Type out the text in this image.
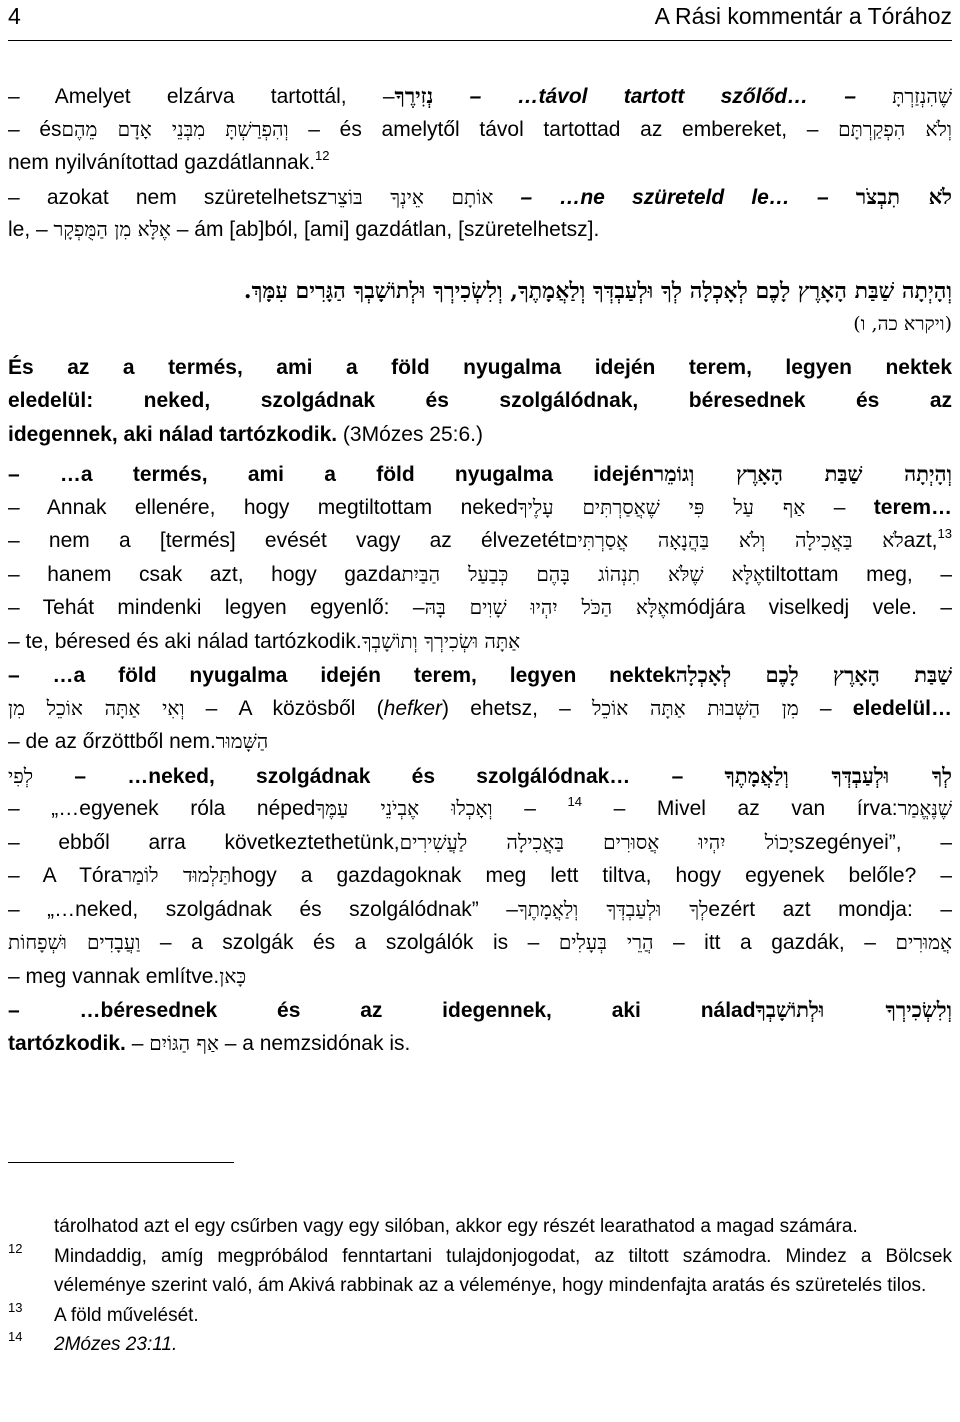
4	A Rási kommentár a Tórához
– Amelyet elzárva tartottál, –נְזִירֶךָ – …távol tartott szőlőd… – שֶׁהִנְזַרְתָּ
– ésוְהִפְרַשְׁתָּ מִבְּנֵי אָדָם מֵהֶם – és amelytől távol tartottad az embereket, – וְלֹא הִפְקַרְתָּם
nem nyilvánítottad gazdátlannak.$^{12}$
– azokat nem szüretelhetszאוֹתָם אֵינְךָ בּוֹצֵר – …ne szüreteld le… – לֹא תִבְצֹר
le, – אֶלָּא מִן הַמֻּפְקָר – ám [ab]ból, [ami] gazdátlan, [szüretelhetsz].
וְהָיְתָה שַׁבַּת הָאָרֶץ לָכֶם לְאָכְלָה לְךָ וּלְעַבְדְּךָ וְלַאֲמָתֶךָ, וְלִשְׂכִירְךָ וּלְתוֹשָׁבְךָ הַגָּרִים עִמָּךְ.
(ויקרא כה, ו)
És az a termés, ami a föld nyugalma idején terem, legyen nektek
eledelül: neked, szolgádnak és szolgálódnak, béresednek és az
idegennek, aki nálad tartózkodik. (3Mózes 25:6.)
– …a termés, ami a föld nyugalma idejénוְהָיְתָה שַׁבַּת הָאָרֶץ וְגוֹמֵר
– Annak ellenére, hogy megtiltottam nekedאַף עַל פִּי שֶׁאֲסַרְתִּים עָלֶיךָ – terem…
– nem a [termés] evését vagy az élvezetétלֹא בַּאֲכִילָה וְלֹא בַּהֲנָאָה אֲסַרְתִּיםazt,$^{13}$
– hanem csak azt, hogy gazdaאֶלָּא שֶׁלֹּא תִנְהוֹג בָּהֶם כְּבַעַל הַבַּיִתtiltottam meg, –
– Tehát mindenki legyen egyenlő: –אֶלָּא הַכֹּל יִהְיוּ שָׁוִים בָּהּmódjára viselkedj vele. –
– te, béresed és aki nálad tartózkodik.אַתָּה וּשְׂכִירְךָ וְתוֹשָׁבְךָ
– …a föld nyugalma idején terem, legyen nektekשַׁבַּת הָאָרֶץ לָכֶם לְאָכְלָה
וְאִי אַתָּה אוֹכֵל מִן – A közösből (hefker) ehetsz, – מִן הַשְּׁבוּת אַתָּה אוֹכֵל – eledelül…
– de az őrzöttből nem.הַשָּׁמוּר
לְפִי – …neked, szolgádnak és szolgálódnak… – לְךָ וּלְעַבְדְּךָ וְלַאֲמָתֶךָ
– „…egyenek róla népedוְאָכְלוּ אֶבְיֹנֵי עַמֶּךָ – $^{14}$ – Mivel az van írva:שֶׁנֶּאֱמַר
– ebből arra következtethetünk,יָכוֹל יִהְיוּ אֲסוּרִים בַּאֲכִילָה לַעֲשִׁירִיםszegényei”, –
– A Tóraתַּלְמוּד לוֹמַרhogy a gazdagoknak meg lett tiltva, hogy egyenek belőle? –
– „…neked, szolgádnak és szolgálódnak” –לְךָ וּלְעַבְדְּךָ וְלַאֲמָתֶךָezért azt mondja: –
וַעֲבָדִים וּשְׁפָחוֹת – a szolgák és a szolgálók is – הֲרֵי בְּעָלִים – itt a gazdák, – אֲמוּרִים
– meg vannak említve.כָּאן
– …béresednek és az idegennek, aki náladוְלִשְׂכִירְךָ וּלְתוֹשָׁבְךָ
tartózkodik. – אַף הַגּוֹיִם – a nemzsidónak is.
tárolhatod azt el egy csűrben vagy egy silóban, akkor egy részét learathatod a magad számára.
12 Mindaddig, amíg megpróbálod fenntartani tulajdonjogodat, az tiltott számodra. Mindez a Bölcsek véleménye szerint való, ám Akivá rabbinak az a véleménye, hogy mindenfajta aratás és szüretelés tilos.
13 A föld művelését.
14 2Mózes 23:11.
